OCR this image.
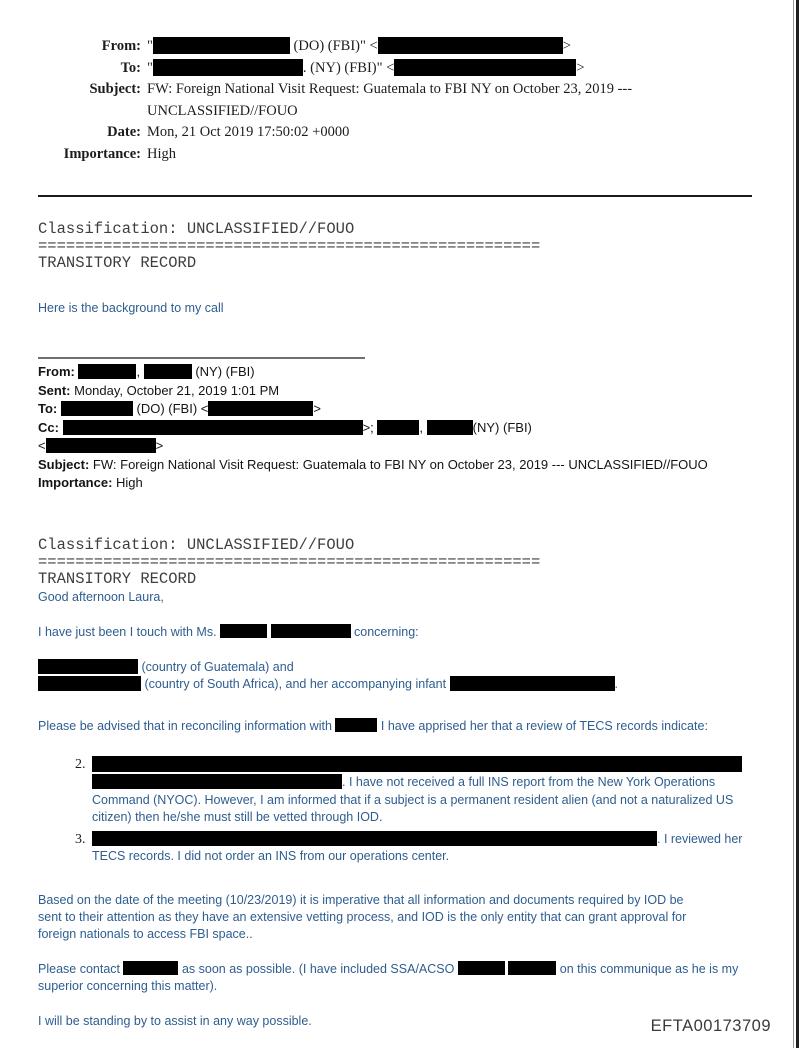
From: "	(DO) (FBI)" <	>
To: "	. (NY) (FBI)" <	>
Subject: FW: Foreign National Visit Request: Guatemala to FBI NY on October 23, 2019 ---
UNCLASSIFIED//FOUO
Date: Mon, 21 Oct 2019 17:50:02 +0000
Importance: High
Classification: UNCLASSIFIED//FOUO
======================================================
TRANSITORY RECORD
Here is the background to my call
From:	,	(NY) (FBI)
Sent: Monday, October 21, 2019 1:01 PM
To:	(DO) (FBI) <	>
Cc:	>;	,	(NY) (FBI)
<	>
Subject: FW: Foreign National Visit Request: Guatemala to FBI NY on October 23, 2019 --- UNCLASSIFIED//FOUO
Importance: High
Classification: UNCLASSIFIED//FOUO
======================================================
TRANSITORY RECORD
Good afternoon Laura,
I have just been I touch with Ms.	concerning:
(country of Guatemala) and
(country of South Africa), and her accompanying infant	.
Please be advised that in reconciling information with	I have apprised her that a review of TECS records indicate:
2.
. I have not received a full INS report from the New York Operations Command (NYOC). However, I am informed that if a subject is a permanent resident alien (and not a naturalized US citizen) then he/she must still be vetted through IOD.
3.	. I reviewed her TECS records. I did not order an INS from our operations center.
Based on the date of the meeting (10/23/2019) it is imperative that all information and documents required by IOD be
sent to their attention as they have an extensive vetting process, and IOD is the only entity that can grant approval for
foreign nationals to access FBI space..
Please contact	as soon as possible. (I have included SSA/ACSO	on this communique as he is my
superior concerning this matter).
I will be standing by to assist in any way possible.	EFTA00173709
